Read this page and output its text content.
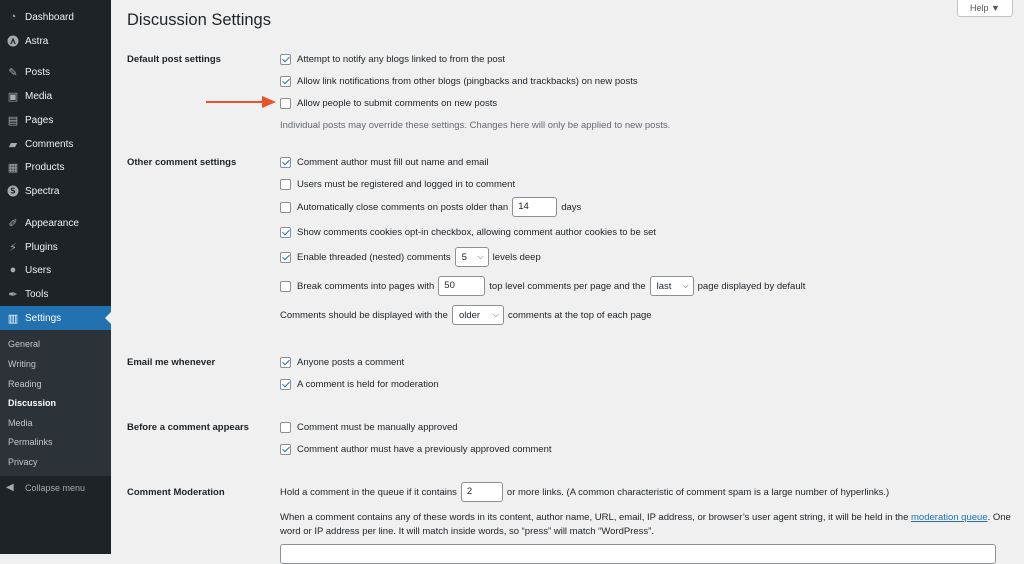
◔ Dashboard
Astra
✎ Posts
▣ Media
▤ Pages
▰ Comments
▦ Products
S Spectra
✐ Appearance
⚡ Plugins
● Users
✒ Tools
▥ Settings
General
Writing
Reading
Discussion
Media
Permalinks
Privacy
◀	Collapse menu
Discussion Settings
Help ▼
Default post settings	Attempt to notify any blogs linked to from the post
Allow link notifications from other blogs (pingbacks and trackbacks) on new posts
Allow people to submit comments on new posts
Individual posts may override these settings. Changes here will only be applied to new posts.
Other comment settings	Comment author must fill out name and email
Users must be registered and logged in to comment
Automatically close comments on posts older than	14	days
Show comments cookies opt-in checkbox, allowing comment author cookies to be set
Enable threaded (nested) comments 5 ⌵ levels deep
Break comments into pages with	50	top level comments per page and the last ⌵ page displayed by default
Comments should be displayed with the older ⌵ comments at the top of each page
Email me whenever	Anyone posts a comment
A comment is held for moderation
Before a comment appears	Comment must be manually approved
Comment author must have a previously approved comment
Comment Moderation	Hold a comment in the queue if it contains	2	or more links. (A common characteristic of comment spam is a large number of hyperlinks.)
When a comment contains any of these words in its content, author name, URL, email, IP address, or browser’s user agent string, it will be held in the moderation queue. One word or IP address per line. It will match inside words, so “press” will match “WordPress”.
